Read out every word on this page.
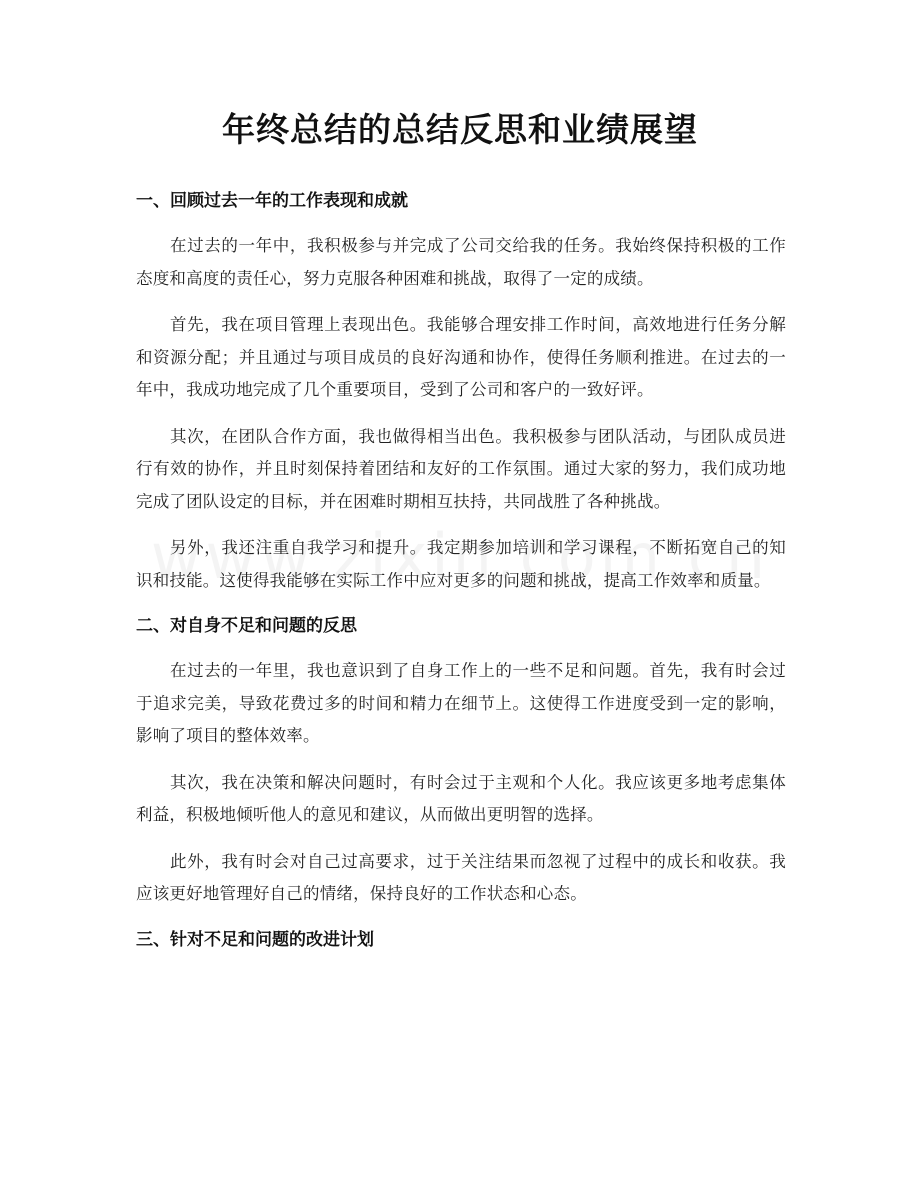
年终总结的总结反思和业绩展望
一、回顾过去一年的工作表现和成就

在过去的一年中，我积极参与并完成了公司交给我的任务。我始终保持积极的工作态度和高度的责任心，努力克服各种困难和挑战，取得了一定的成绩。

首先，我在项目管理上表现出色。我能够合理安排工作时间，高效地进行任务分解和资源分配；并且通过与项目成员的良好沟通和协作，使得任务顺利推进。在过去的一年中，我成功地完成了几个重要项目，受到了公司和客户的一致好评。

其次，在团队合作方面，我也做得相当出色。我积极参与团队活动，与团队成员进行有效的协作，并且时刻保持着团结和友好的工作氛围。通过大家的努力，我们成功地完成了团队设定的目标，并在困难时期相互扶持，共同战胜了各种挑战。

另外，我还注重自我学习和提升。我定期参加培训和学习课程，不断拓宽自己的知识和技能。这使得我能够在实际工作中应对更多的问题和挑战，提高工作效率和质量。

二、对自身不足和问题的反思

在过去的一年里，我也意识到了自身工作上的一些不足和问题。首先，我有时会过于追求完美，导致花费过多的时间和精力在细节上。这使得工作进度受到一定的影响，影响了项目的整体效率。

其次，我在决策和解决问题时，有时会过于主观和个人化。我应该更多地考虑集体利益，积极地倾听他人的意见和建议，从而做出更明智的选择。

此外，我有时会对自己过高要求，过于关注结果而忽视了过程中的成长和收获。我应该更好地管理好自己的情绪，保持良好的工作状态和心态。

三、针对不足和问题的改进计划
